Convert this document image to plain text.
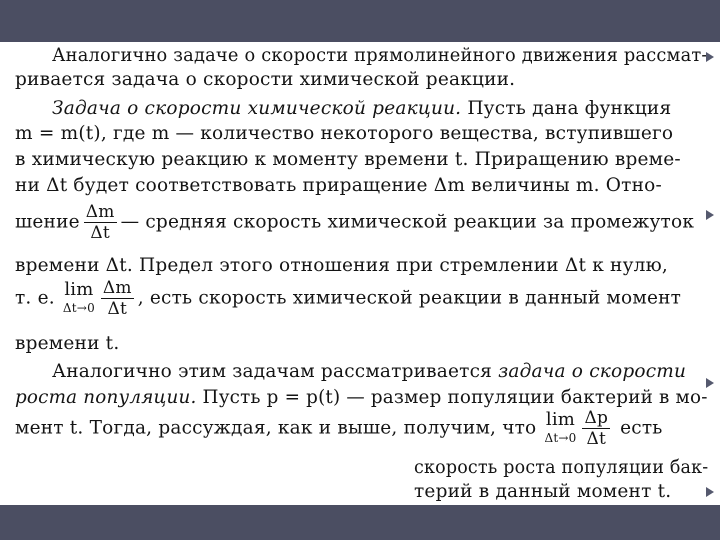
Аналогично задаче о скорости прямолинейного движения рассмат-
ривается задача о скорости химической реакции.
Задача о скорости химической реакции. Пусть дана функция
m = m(t), где m — количество некоторого вещества, вступившего
в химическую реакцию к моменту времени t. Приращению време-
ни Δt будет соответствовать приращение Δm величины m. Отно-
шение $\frac{\Delta m}{\Delta t}$ — средняя скорость химической реакции за промежуток
времени Δt. Предел этого отношения при стремлении Δt к нулю,
т. е. lim
$\Delta t\to 0 \frac{\Delta m}{\Delta t}$ , есть скорость химической реакции в данный момент
времени t.
Аналогично этим задачам рассматривается задача о скорости
роста популяции. Пусть p = p(t) — размер популяции бактерий в мо-
мент t. Тогда, рассуждая, как и выше, получим, что lim
$\Delta t\to 0 \frac{\Delta p}{\Delta t}$ есть
скорость роста популяции бак-
терий в данный момент t.
